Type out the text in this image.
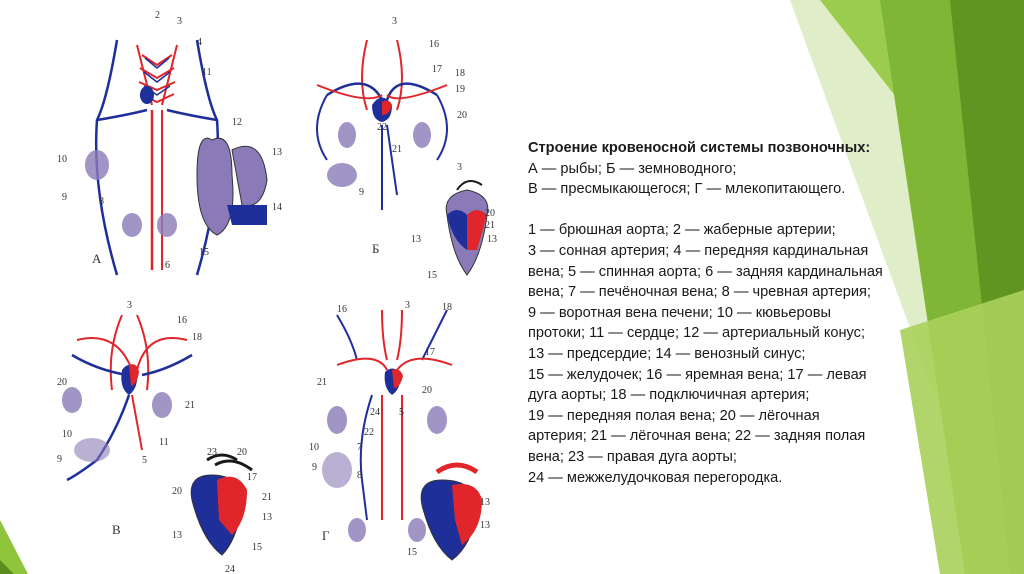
А
2
3
4
11
12
13
14
15
10
9	8
6
Б
3
16
17 18
19
20
22
21
9
3
20
21
13
13
15
В
3
16
18
20
21
11
10
9	5
23 20
17
21
13
20
13
15
24
Г
16	3	18
17
21
20
10
9
7
8
22
24 5
13
13
15
Строение кровеносной системы позвоночных:
А — рыбы; Б — земноводного;
В — пресмыкающегося; Г — млекопитающего.
1 — брюшная аорта; 2 — жаберные артерии;
3 — сонная артерия; 4 — передняя кардинальная
вена; 5 — спинная аорта; 6 — задняя кардинальная
вена; 7 — печёночная вена; 8 — чревная артерия;
9 — воротная вена печени; 10 — кювьеровы
протоки; 11 — сердце; 12 — артериальный конус;
13 — предсердие; 14 — венозный синус;
15 — желудочек; 16 — яремная вена; 17 — левая
дуга аорты; 18 — подключичная артерия;
19 — передняя полая вена; 20 — лёгочная
артерия; 21 — лёгочная вена; 22 — задняя полая
вена; 23 — правая дуга аорты;
24 — межжелудочковая перегородка.
